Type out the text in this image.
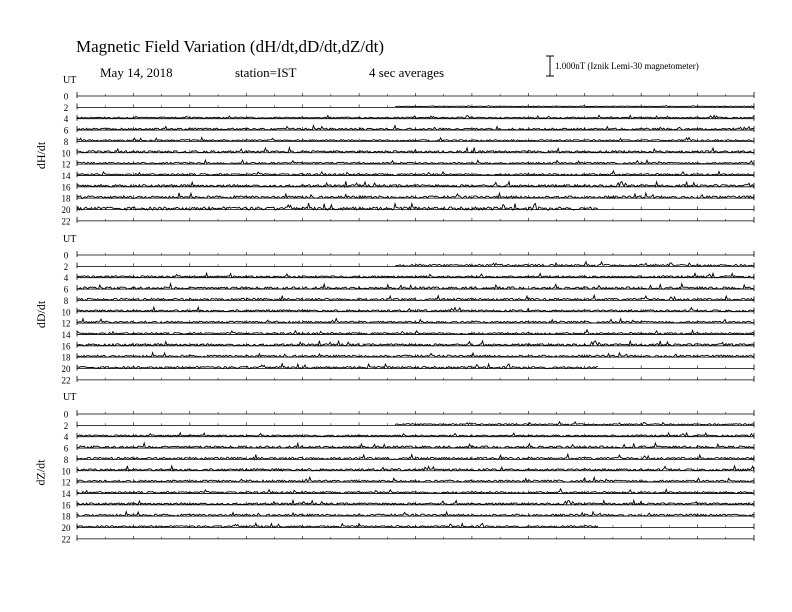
Magnetic Field Variation (dH/dt,dD/dt,dZ/dt)
May 14, 2018	station=IST	4 sec averages	1.000nT (Iznik Lemi-30 magnetometer)
UT
UT
UT
dH/dt
dD/dt
dZ/dt
0
2
4
6
8
10
12
14
16
18
20
22
0
2
4
6
8
10
12
14
16
18
20
22
0
2
4
6
8
10
12
14
16
18
20
22
